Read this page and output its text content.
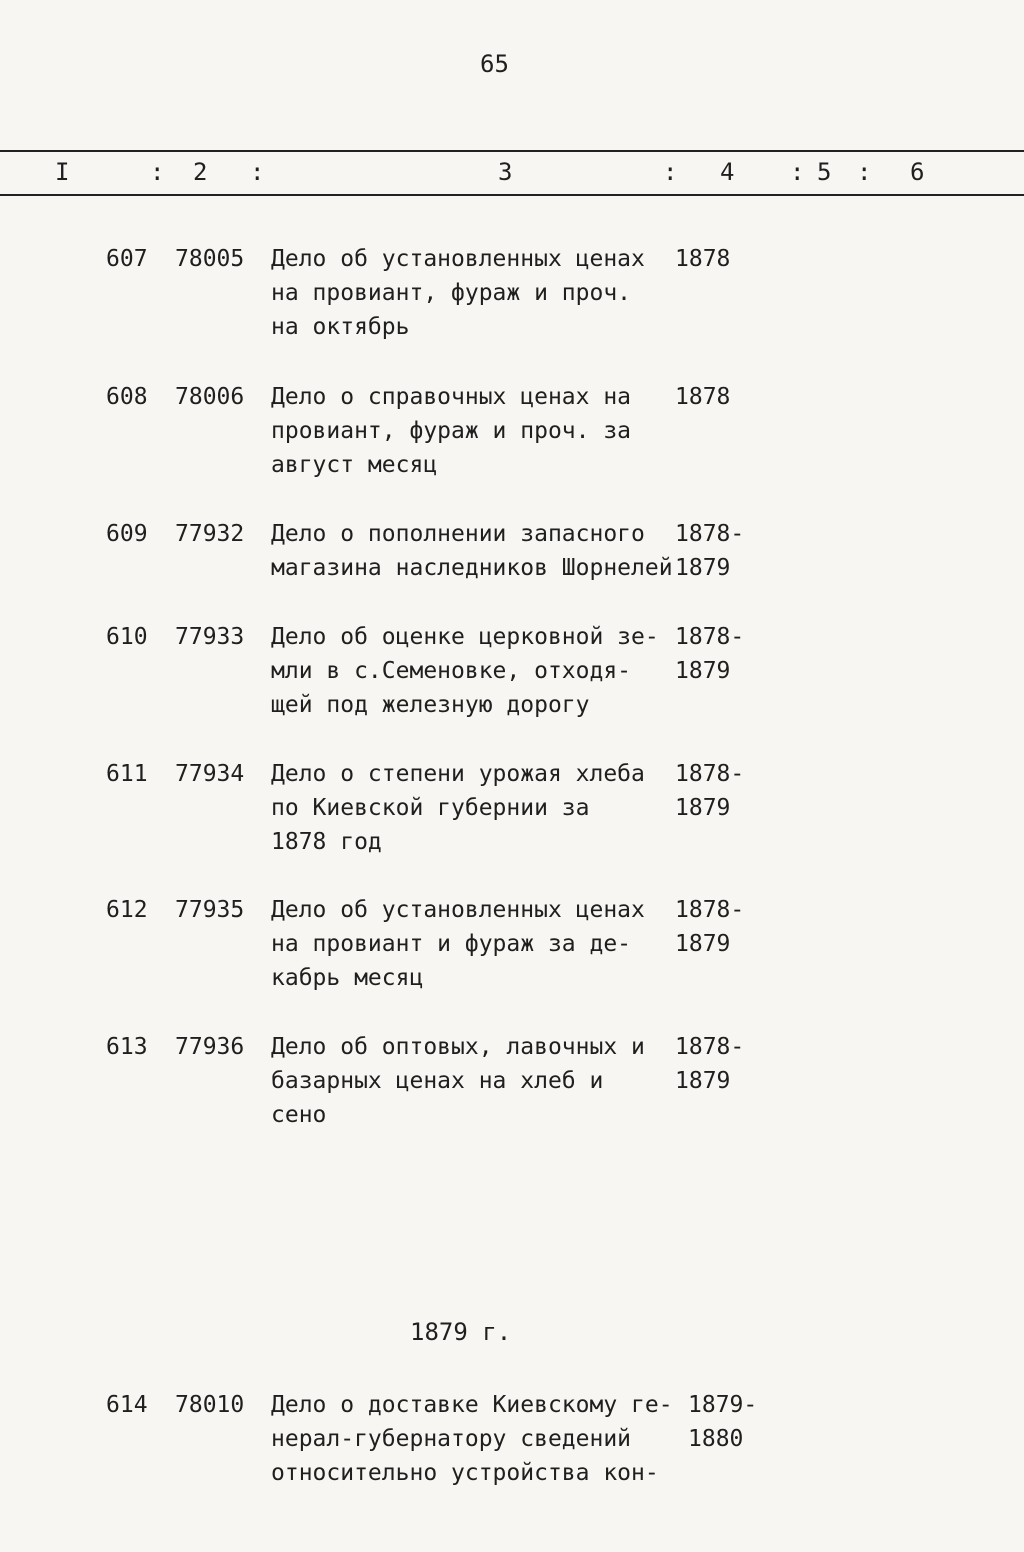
65
I	: 2 :	3	: 4 : 5 : 6
607 78005 Дело об установленных ценах
на провиант, фураж и проч.
на октябрь
1878
608 78006 Дело о справочных ценах на
провиант, фураж и проч. за
август месяц
1878
609 77932 Дело о пополнении запасного
магазина наследников Шорнелей
1878-
1879
610 77933 Дело об оценке церковной зе-
мли в с.Семеновке, отходя-
щей под железную дорогу
1878-
1879
611 77934 Дело о степени урожая хлеба
по Киевской губернии за
1878 год
1878-
1879
612 77935 Дело об установленных ценах
на провиант и фураж за де-
кабрь месяц
1878-
1879
613 77936 Дело об оптовых, лавочных и
базарных ценах на хлеб и
сено
1878-
1879
1879 г.
614 78010 Дело о доставке Киевскому ге-
нерал-губернатору сведений
относительно устройства кон-
1879-
1880
